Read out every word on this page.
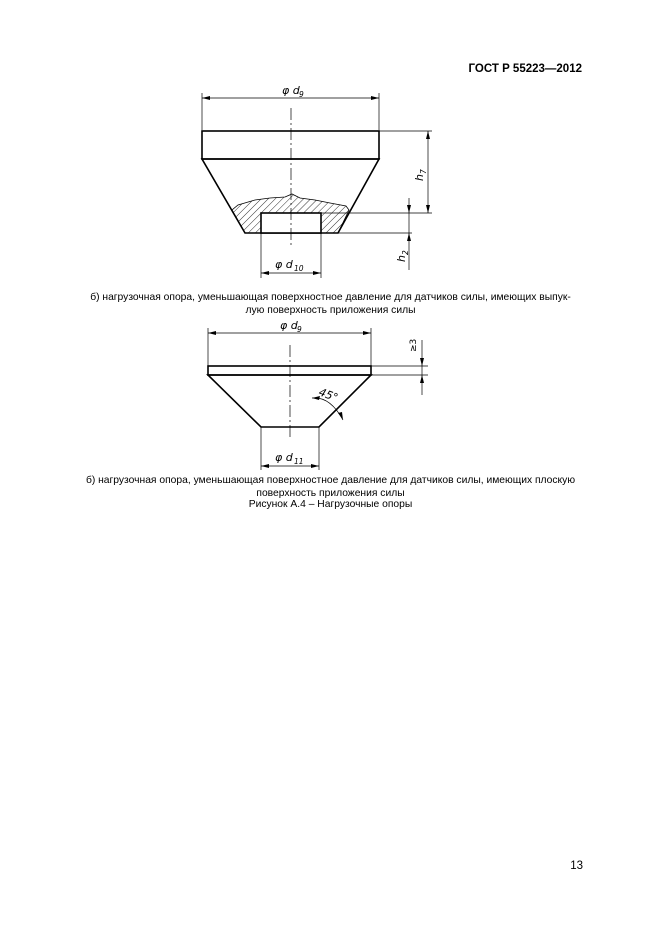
ГОСТ Р 55223—2012
φ d 9
h
7
h
2
φ d 10
б) нагрузочная опора, уменьшающая поверхностное давление для датчиков силы, имеющих выпук-
лую поверхность приложения силы
φ d 9
≥3
45°
φ d 11
б) нагрузочная опора, уменьшающая поверхностное давление для датчиков силы, имеющих плоскую
поверхность приложения силы
Рисунок А.4 – Нагрузочные опоры
13
